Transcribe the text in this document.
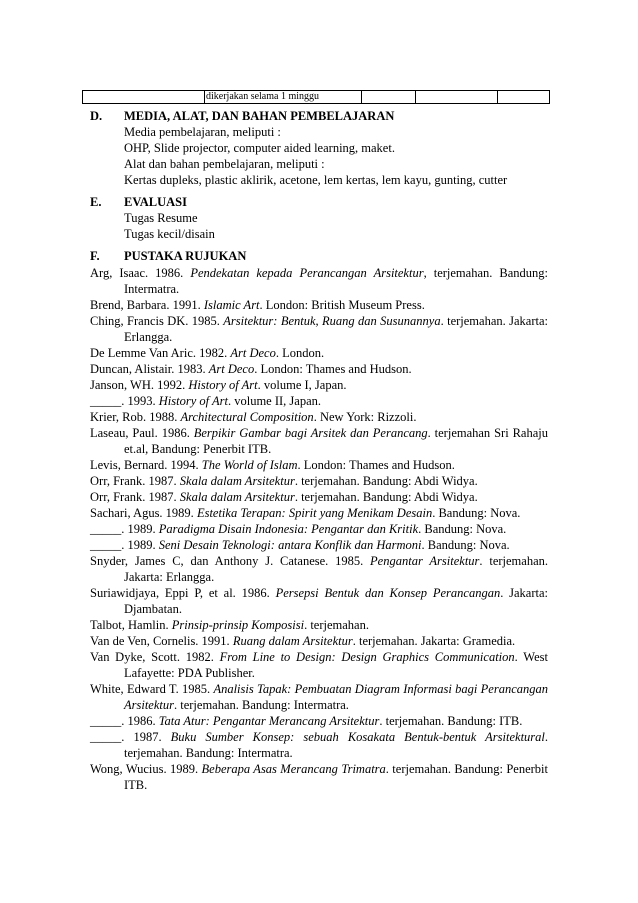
dikerjakan selama 1 minggu
D. MEDIA, ALAT, DAN BAHAN PEMBELAJARAN
Media pembelajaran, meliputi :
OHP, Slide projector, computer aided learning, maket.
Alat dan bahan pembelajaran, meliputi :
Kertas dupleks, plastic aklirik, acetone, lem kertas, lem kayu, gunting, cutter
E. EVALUASI
Tugas Resume
Tugas kecil/disain
F. PUSTAKA RUJUKAN

Arg, Isaac. 1986. Pendekatan kepada Perancangan Arsitektur, terjemahan. Bandung: Intermatra.

Brend, Barbara. 1991. Islamic Art. London: British Museum Press.

Ching, Francis DK. 1985. Arsitektur: Bentuk, Ruang dan Susunannya. terjemahan. Jakarta: Erlangga.

De Lemme Van Aric. 1982. Art Deco. London.

Duncan, Alistair. 1983. Art Deco. London: Thames and Hudson.

Janson, WH. 1992. History of Art. volume I, Japan.

_____. 1993. History of Art. volume II, Japan.

Krier, Rob. 1988. Architectural Composition. New York: Rizzoli.

Laseau, Paul. 1986. Berpikir Gambar bagi Arsitek dan Perancang. terjemahan Sri Rahaju et.al, Bandung: Penerbit ITB.

Levis, Bernard. 1994. The World of Islam. London: Thames and Hudson.

Orr, Frank. 1987. Skala dalam Arsitektur. terjemahan. Bandung: Abdi Widya.

Orr, Frank. 1987. Skala dalam Arsitektur. terjemahan. Bandung: Abdi Widya.

Sachari, Agus. 1989. Estetika Terapan: Spirit yang Menikam Desain. Bandung: Nova.

_____. 1989. Paradigma Disain Indonesia: Pengantar dan Kritik. Bandung: Nova.

_____. 1989. Seni Desain Teknologi: antara Konflik dan Harmoni. Bandung: Nova.

Snyder, James C, dan Anthony J. Catanese. 1985. Pengantar Arsitektur. terjemahan. Jakarta: Erlangga.

Suriawidjaya, Eppi P, et al. 1986. Persepsi Bentuk dan Konsep Perancangan. Jakarta: Djambatan.

Talbot, Hamlin. Prinsip-prinsip Komposisi. terjemahan.

Van de Ven, Cornelis. 1991. Ruang dalam Arsitektur. terjemahan. Jakarta: Gramedia.

Van Dyke, Scott. 1982. From Line to Design: Design Graphics Communication. West Lafayette: PDA Publisher.

White, Edward T. 1985. Analisis Tapak: Pembuatan Diagram Informasi bagi Perancangan Arsitektur. terjemahan. Bandung: Intermatra.

_____. 1986. Tata Atur: Pengantar Merancang Arsitektur. terjemahan. Bandung: ITB.

_____. 1987. Buku Sumber Konsep: sebuah Kosakata Bentuk-bentuk Arsitektural. terjemahan. Bandung: Intermatra.

Wong, Wucius. 1989. Beberapa Asas Merancang Trimatra. terjemahan. Bandung: Penerbit ITB.
